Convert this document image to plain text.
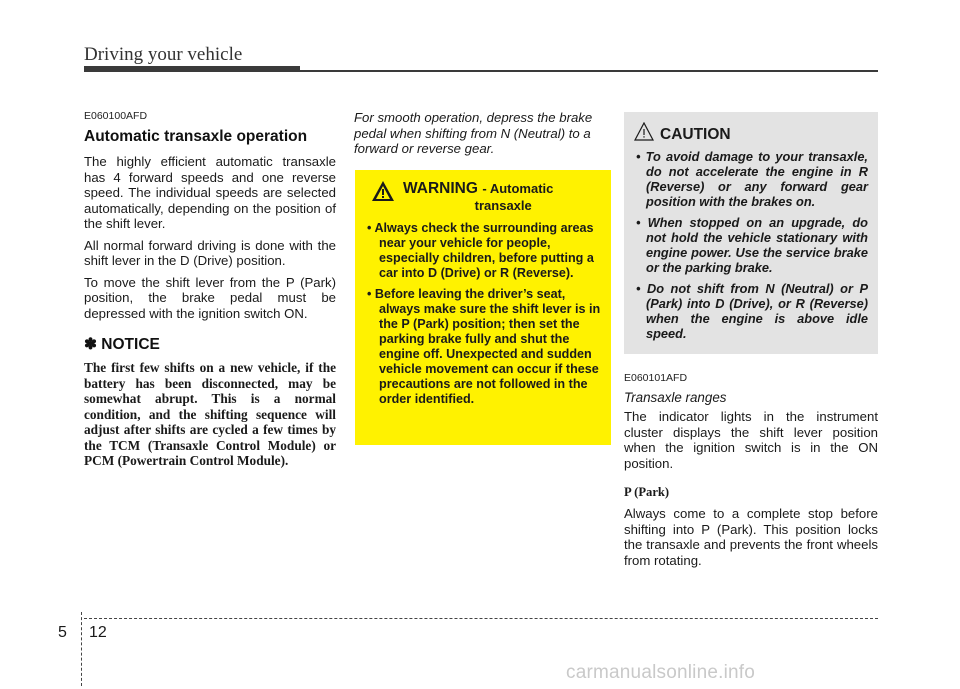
Driving your vehicle
E060100AFD
Automatic transaxle operation

The highly efficient automatic transaxle has 4 forward speeds and one reverse speed. The individual speeds are selected automatically, depending on the position of the shift lever.

All normal forward driving is done with the shift lever in the D (Drive) position.

To move the shift lever from the P (Park) position, the brake pedal must be depressed with the ignition switch ON.

✽ NOTICE

The first few shifts on a new vehicle, if the battery has been disconnected, may be somewhat abrupt. This is a normal condition, and the shifting sequence will adjust after shifts are cycled a few times by the TCM (Transaxle Control Module) or PCM (Powertrain Control Module).

For smooth operation, depress the brake pedal when shifting from N (Neutral) to a forward or reverse gear.

WARNING - Automatic
transaxle
• Always check the surrounding areas near your vehicle for people, especially children, before putting a car into D (Drive) or R (Reverse).
• Before leaving the driver’s seat, always make sure the shift lever is in the P (Park) position; then set the parking brake fully and shut the engine off. Unexpected and sudden vehicle movement can occur if these precautions are not followed in the order identified.
CAUTION
• To avoid damage to your transaxle, do not accelerate the engine in R (Reverse) or any forward gear position with the brakes on.
• When stopped on an upgrade, do not hold the vehicle stationary with engine power. Use the service brake or the parking brake.
• Do not shift from N (Neutral) or P (Park) into D (Drive), or R (Reverse) when the engine is above idle speed.
E060101AFD
Transaxle ranges

The indicator lights in the instrument cluster displays the shift lever position when the ignition switch is in the ON position.

P (Park)

Always come to a complete stop before shifting into P (Park). This position locks the transaxle and prevents the front wheels from rotating.

5 12
carmanualsonline.info
